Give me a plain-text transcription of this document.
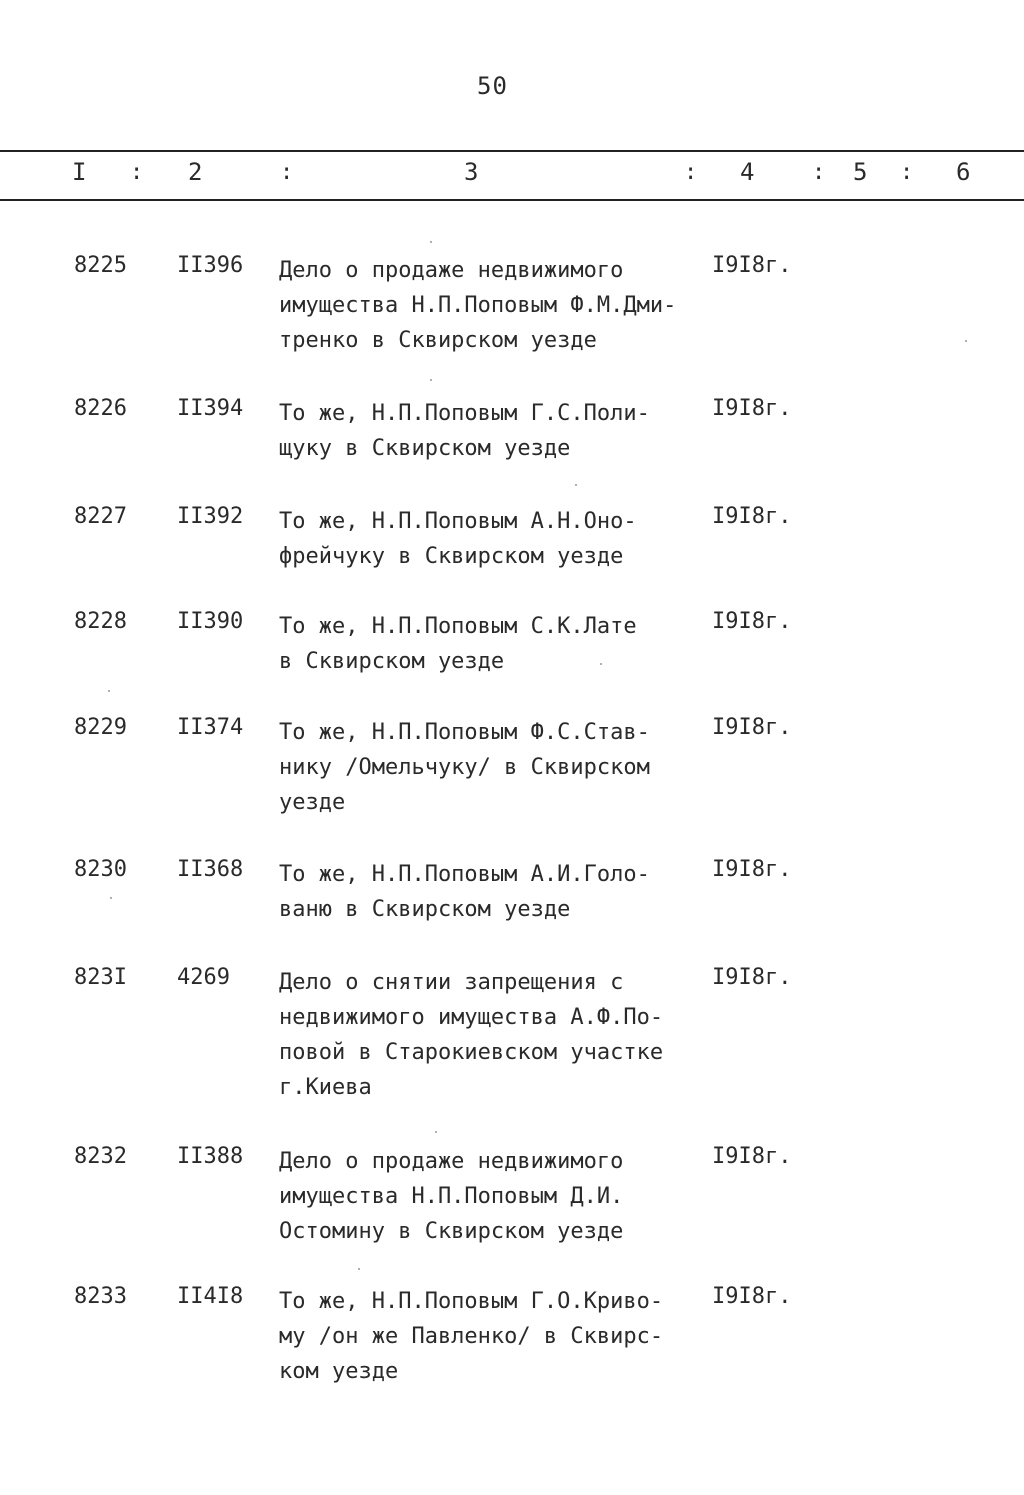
50
I : 2	:	3	: 4	: 5 : 6
8225 II396 Дело о продаже недвижимого
имущества Н.П.Поповым Ф.М.Дми-
тренко в Сквирском уезде
I9I8г.
8226 II394 То же, Н.П.Поповым Г.С.Поли-
щуку в Сквирском уезде
I9I8г.
8227 II392 То же, Н.П.Поповым А.Н.Оно-
фрейчуку в Сквирском уезде
I9I8г.
8228 II390 То же, Н.П.Поповым С.К.Лате
в Сквирском уезде
I9I8г.
8229 II374 То же, Н.П.Поповым Ф.С.Став-
нику /Омельчуку/ в Сквирском
уезде
I9I8г.
8230 II368 То же, Н.П.Поповым А.И.Голо-
ваню в Сквирском уезде
I9I8г.
823I 4269 Дело о снятии запрещения с
недвижимого имущества А.Ф.По-
повой в Старокиевском участке
г.Киева
I9I8г.
8232 II388 Дело о продаже недвижимого
имущества Н.П.Поповым Д.И.
Остомину в Сквирском уезде
I9I8г.
8233 II4I8 То же, Н.П.Поповым Г.О.Криво-
му /он же Павленко/ в Сквирс-
ком уезде
I9I8г.
